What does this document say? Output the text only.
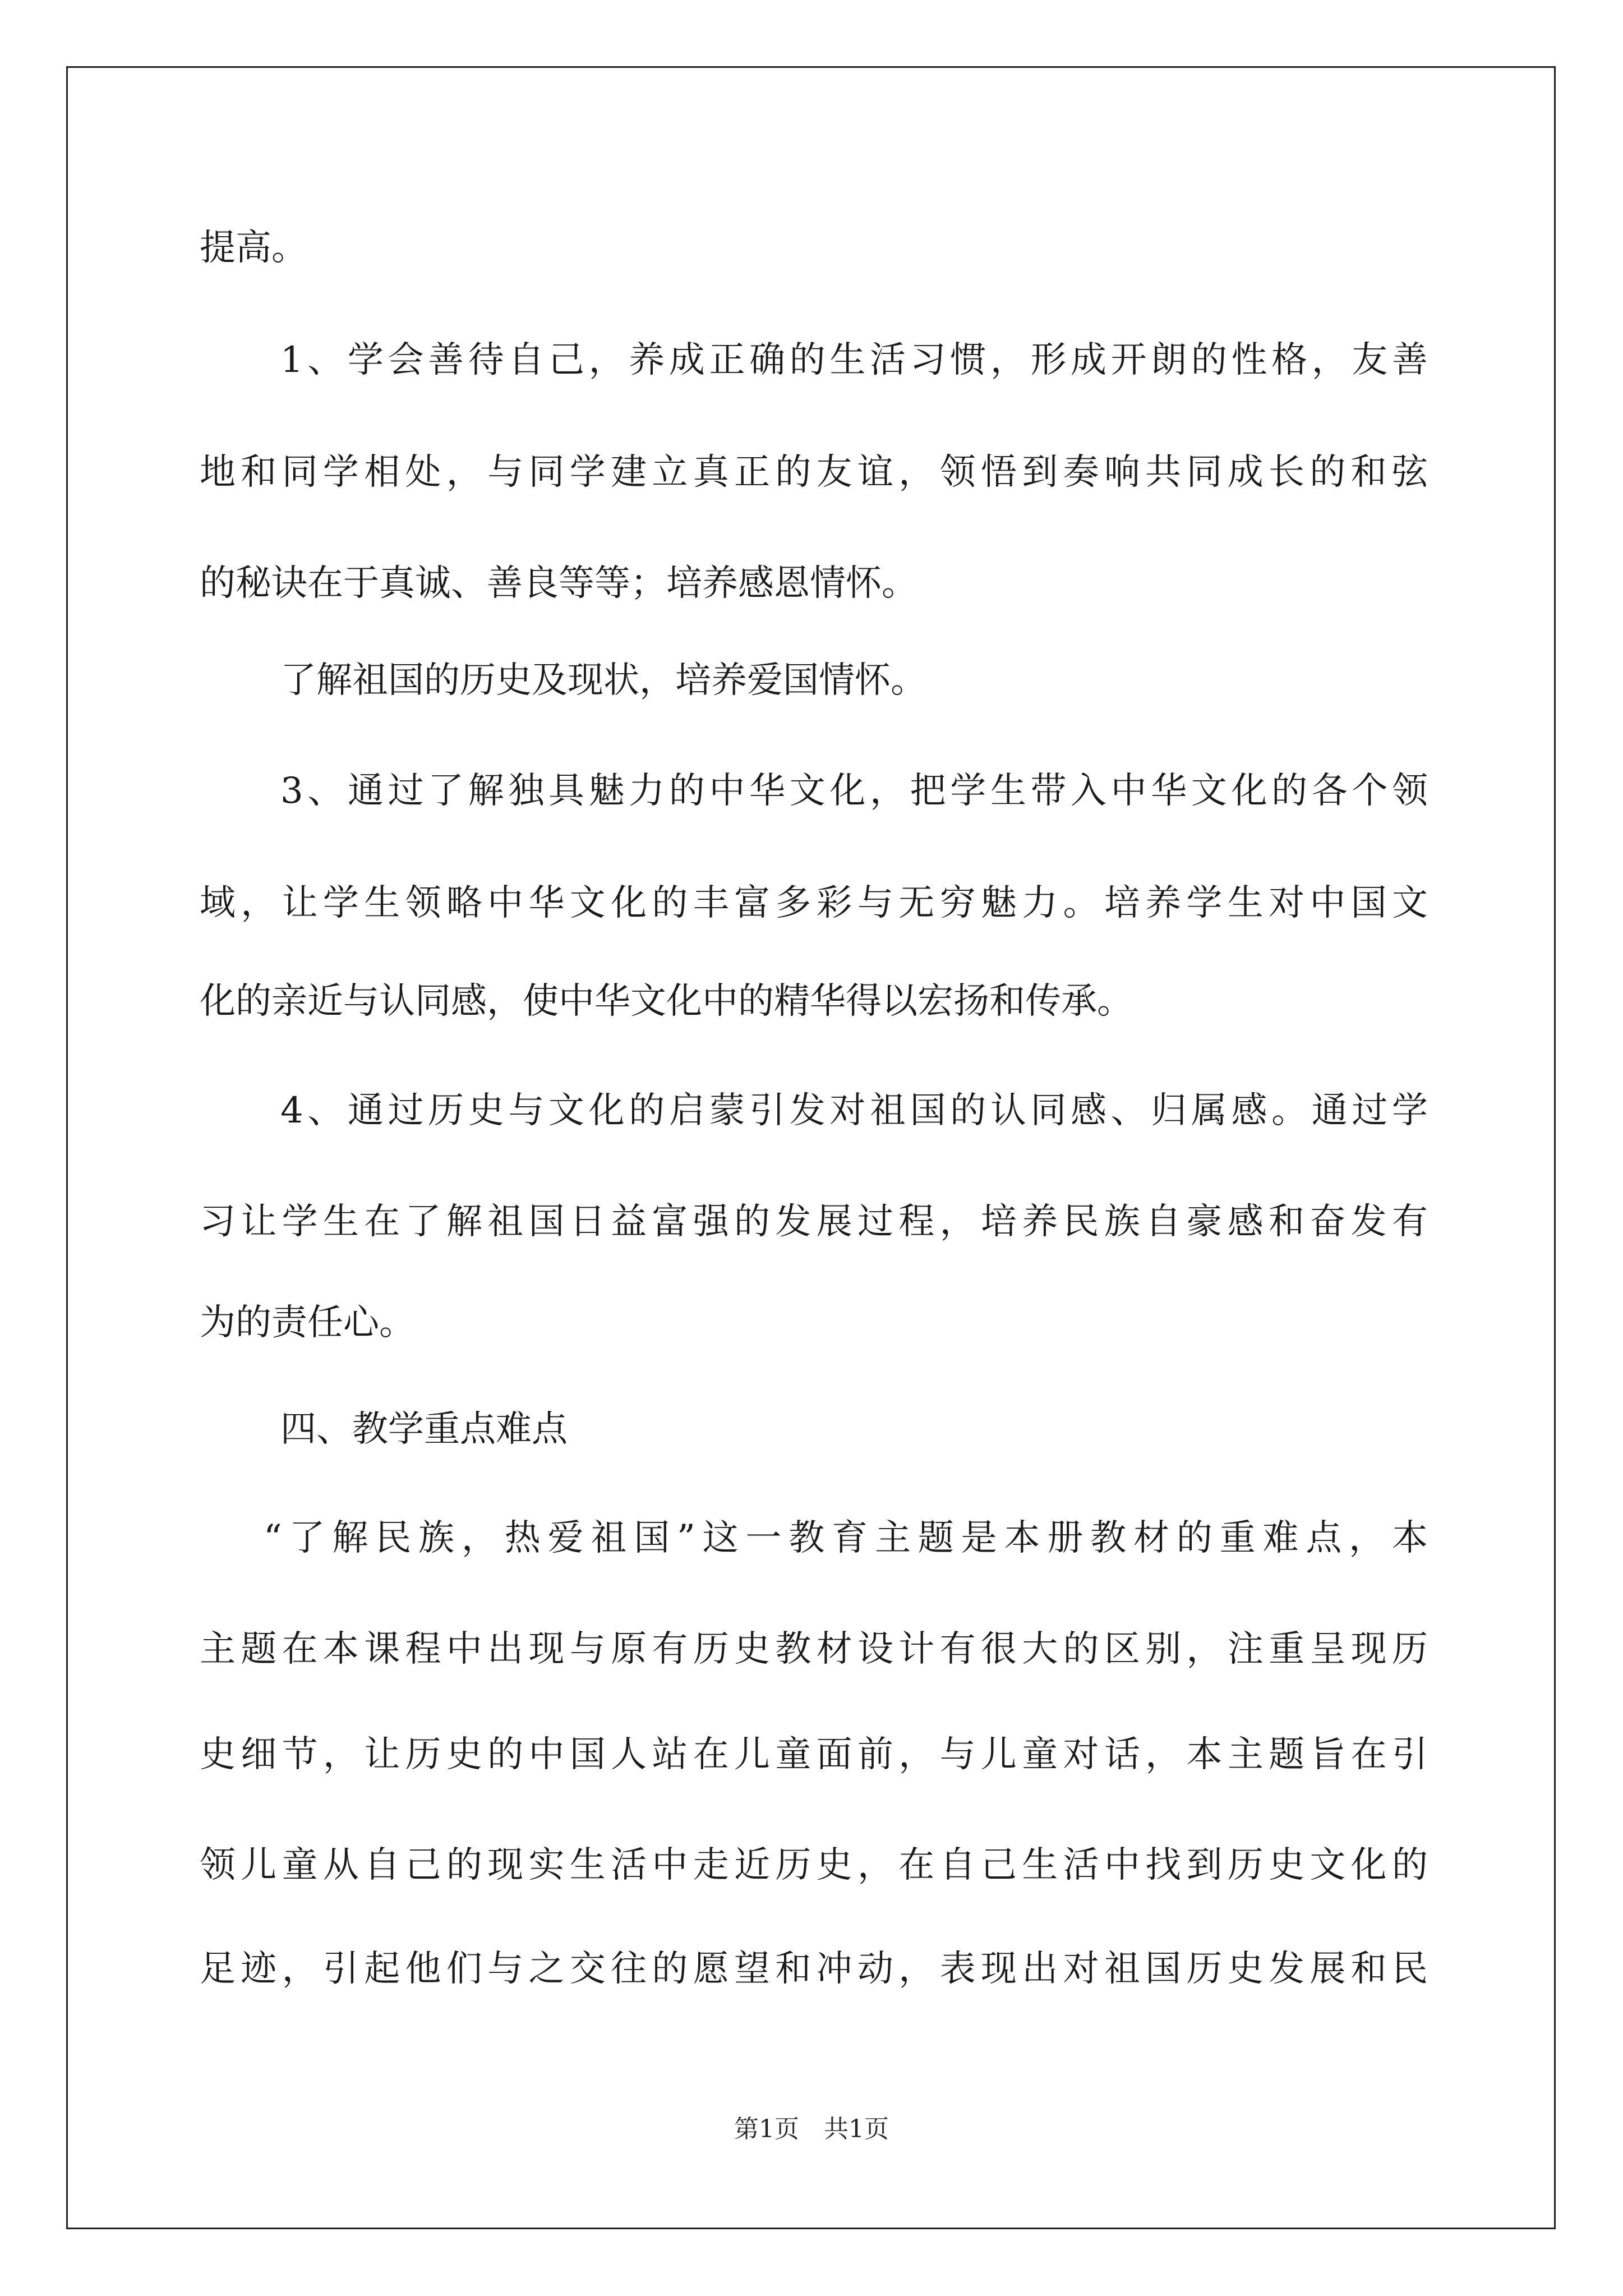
提高。
1、学会善待自己，养成正确的生活习惯，形成开朗的性格，友善
地和同学相处，与同学建立真正的友谊，领悟到奏响共同成长的和弦
的秘诀在于真诚、善良等等；培养感恩情怀。
了解祖国的历史及现状，培养爱国情怀。
3、通过了解独具魅力的中华文化，把学生带入中华文化的各个领
域，让学生领略中华文化的丰富多彩与无穷魅力。培养学生对中国文
化的亲近与认同感，使中华文化中的精华得以宏扬和传承。
4、通过历史与文化的启蒙引发对祖国的认同感、归属感。通过学
习让学生在了解祖国日益富强的发展过程，培养民族自豪感和奋发有
为的责任心。
四、教学重点难点
“了解民族，热爱祖国”这一教育主题是本册教材的重难点，本
主题在本课程中出现与原有历史教材设计有很大的区别，注重呈现历
史细节，让历史的中国人站在儿童面前，与儿童对话，本主题旨在引
领儿童从自己的现实生活中走近历史，在自己生活中找到历史文化的
足迹，引起他们与之交往的愿望和冲动，表现出对祖国历史发展和民
第1页　共1页
